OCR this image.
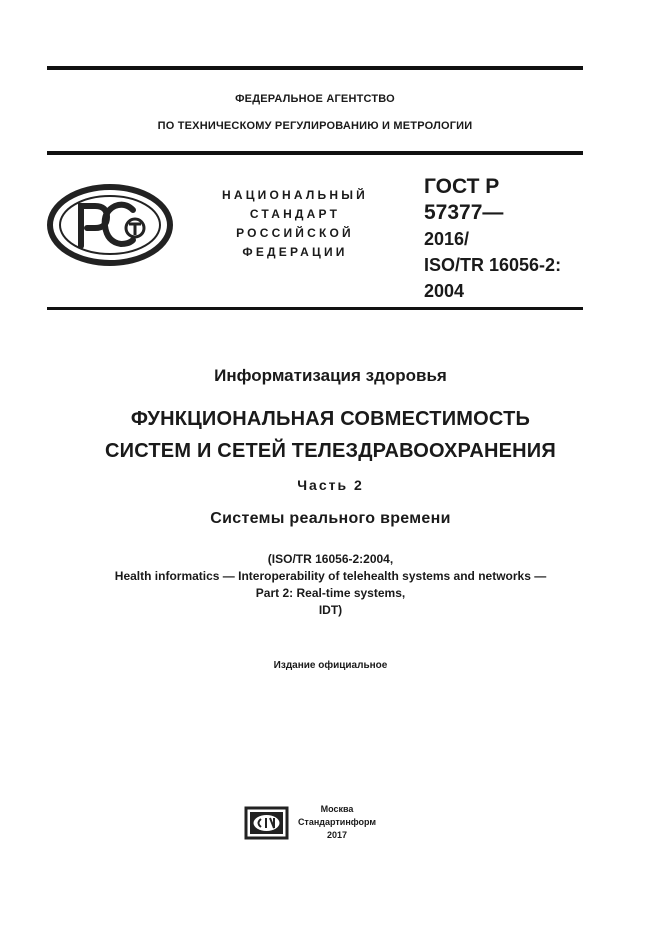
ФЕДЕРАЛЬНОЕ АГЕНТСТВО
ПО ТЕХНИЧЕСКОМУ РЕГУЛИРОВАНИЮ И МЕТРОЛОГИИ
НАЦИОНАЛЬНЫЙ
СТАНДАРТ
РОССИЙСКОЙ
ФЕДЕРАЦИИ
ГОСТ Р
57377—
2016/
ISO/TR 16056-2:
2004
Информатизация здоровья
ФУНКЦИОНАЛЬНАЯ СОВМЕСТИМОСТЬ
СИСТЕМ И СЕТЕЙ ТЕЛЕЗДРАВООХРАНЕНИЯ
Часть 2
Системы реального времени
(ISO/TR 16056-2:2004,
Health informatics — Interoperability of telehealth systems and networks —
Part 2: Real-time systems,
IDT)
Издание официальное
Москва
Стандартинформ
2017
